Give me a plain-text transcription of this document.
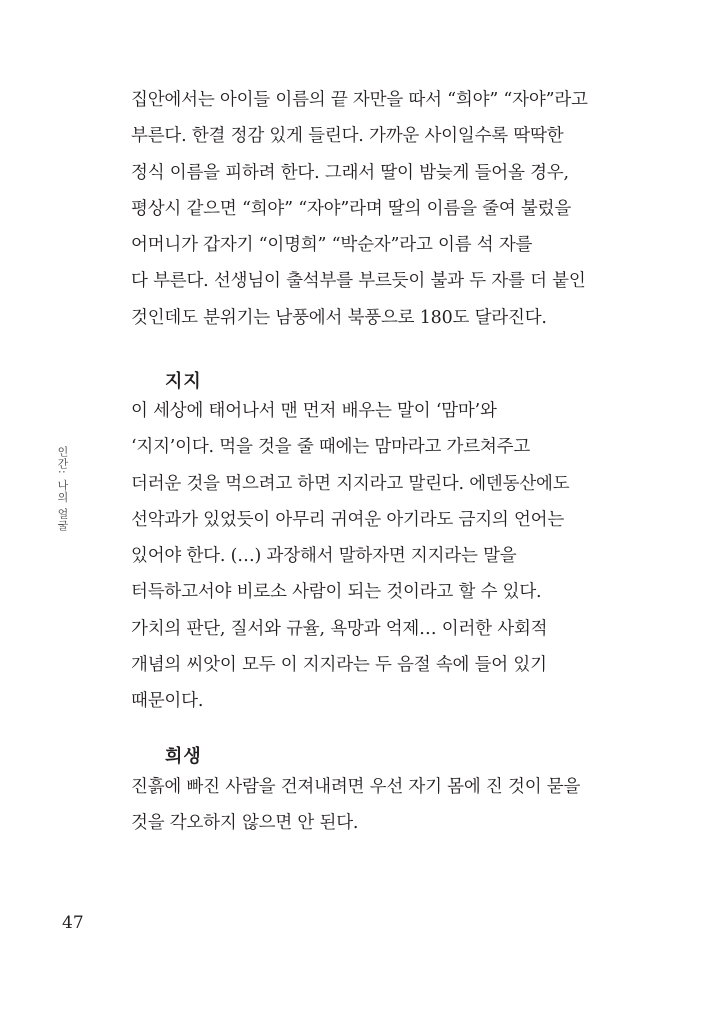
인간: 나의 얼굴
집안에서는 아이들 이름의 끝 자만을 따서 “희야” “자야”라고
부른다. 한결 정감 있게 들린다. 가까운 사이일수록 딱딱한
정식 이름을 피하려 한다. 그래서 딸이 밤늦게 들어올 경우,
평상시 같으면 “희야” “자야”라며 딸의 이름을 줄여 불렀을
어머니가 갑자기 “이명희” “박순자”라고 이름 석 자를
다 부른다. 선생님이 출석부를 부르듯이 불과 두 자를 더 붙인
것인데도 분위기는 남풍에서 북풍으로 180도 달라진다.
지지
이 세상에 태어나서 맨 먼저 배우는 말이 ‘맘마’와
‘지지’이다. 먹을 것을 줄 때에는 맘마라고 가르쳐주고
더러운 것을 먹으려고 하면 지지라고 말린다. 에덴동산에도
선악과가 있었듯이 아무리 귀여운 아기라도 금지의 언어는
있어야 한다. (…) 과장해서 말하자면 지지라는 말을
터득하고서야 비로소 사람이 되는 것이라고 할 수 있다.
가치의 판단, 질서와 규율, 욕망과 억제… 이러한 사회적
개념의 씨앗이 모두 이 지지라는 두 음절 속에 들어 있기
때문이다.
희생
진흙에 빠진 사람을 건져내려면 우선 자기 몸에 진 것이 묻을
것을 각오하지 않으면 안 된다.
47
